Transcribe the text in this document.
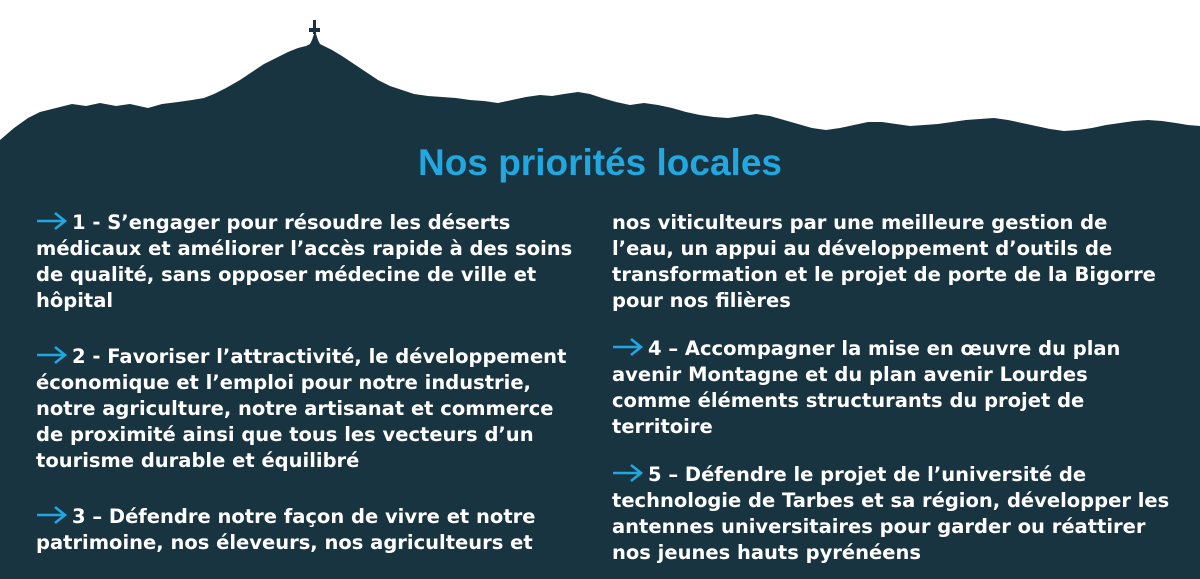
Nos priorités locales

1 - S’engager pour résoudre les déserts médicaux et améliorer l’accès rapide à des soins de qualité, sans opposer médecine de ville et hôpital

2 - Favoriser l’attractivité, le développement économique et l’emploi pour notre industrie, notre agriculture, notre artisanat et commerce de proximité ainsi que tous les vecteurs d’un tourisme durable et équilibré

3 – Défendre notre façon de vivre et notre patrimoine, nos éleveurs, nos agriculteurs et

nos viticulteurs par une meilleure gestion de l’eau, un appui au développement d’outils de transformation et le projet de porte de la Bigorre pour nos filières

4 – Accompagner la mise en œuvre du plan avenir Montagne et du plan avenir Lourdes comme éléments structurants du projet de territoire

5 – Défendre le projet de l’université de technologie de Tarbes et sa région, développer les antennes universitaires pour garder ou réattirer nos jeunes hauts pyrénéens
